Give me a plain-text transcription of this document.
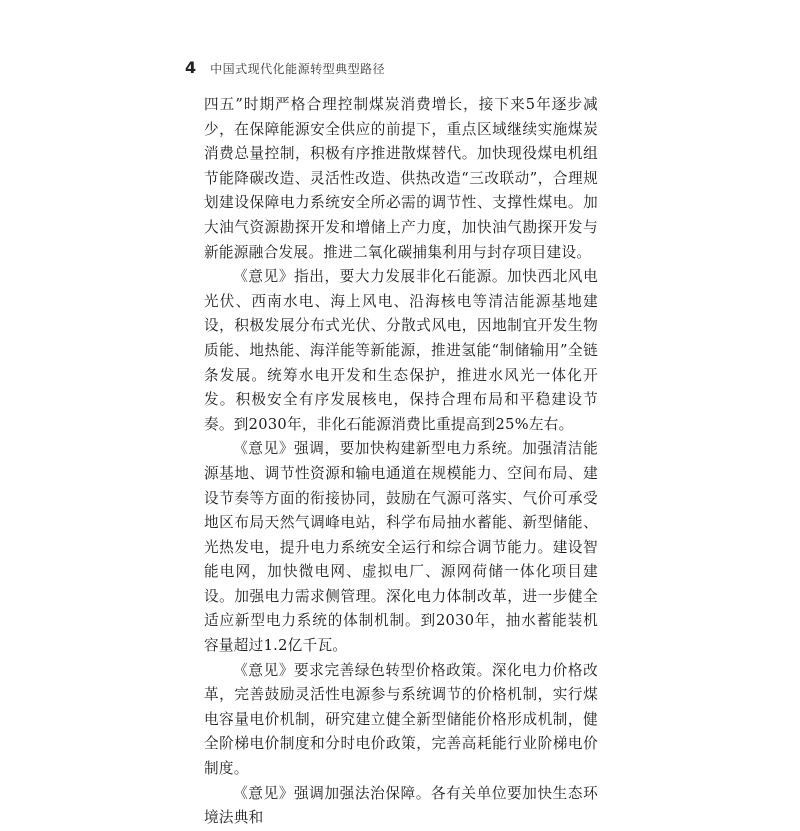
4 中国式现代化能源转型典型路径

四五”时期严格合理控制煤炭消费增长，接下来5年逐步减少，在保障能源安全供应的前提下，重点区域继续实施煤炭消费总量控制，积极有序推进散煤替代。加快现役煤电机组节能降碳改造、灵活性改造、供热改造“三改联动”，合理规划建设保障电力系统安全所必需的调节性、支撑性煤电。加大油气资源勘探开发和增储上产力度，加快油气勘探开发与新能源融合发展。推进二氧化碳捕集利用与封存项目建设。

《意见》指出，要大力发展非化石能源。加快西北风电光伏、西南水电、海上风电、沿海核电等清洁能源基地建设，积极发展分布式光伏、分散式风电，因地制宜开发生物质能、地热能、海洋能等新能源，推进氢能“制储输用”全链条发展。统筹水电开发和生态保护，推进水风光一体化开发。积极安全有序发展核电，保持合理布局和平稳建设节奏。到2030年，非化石能源消费比重提高到25%左右。

《意见》强调，要加快构建新型电力系统。加强清洁能源基地、调节性资源和输电通道在规模能力、空间布局、建设节奏等方面的衔接协同，鼓励在气源可落实、气价可承受地区布局天然气调峰电站，科学布局抽水蓄能、新型储能、光热发电，提升电力系统安全运行和综合调节能力。建设智能电网，加快微电网、虚拟电厂、源网荷储一体化项目建设。加强电力需求侧管理。深化电力体制改革，进一步健全适应新型电力系统的体制机制。到2030年，抽水蓄能装机容量超过1.2亿千瓦。

《意见》要求完善绿色转型价格政策。深化电力价格改革，完善鼓励灵活性电源参与系统调节的价格机制，实行煤电容量电价机制，研究建立健全新型储能价格形成机制，健全阶梯电价制度和分时电价政策，完善高耗能行业阶梯电价制度。

《意见》强调加强法治保障。各有关单位要加快生态环境法典和
